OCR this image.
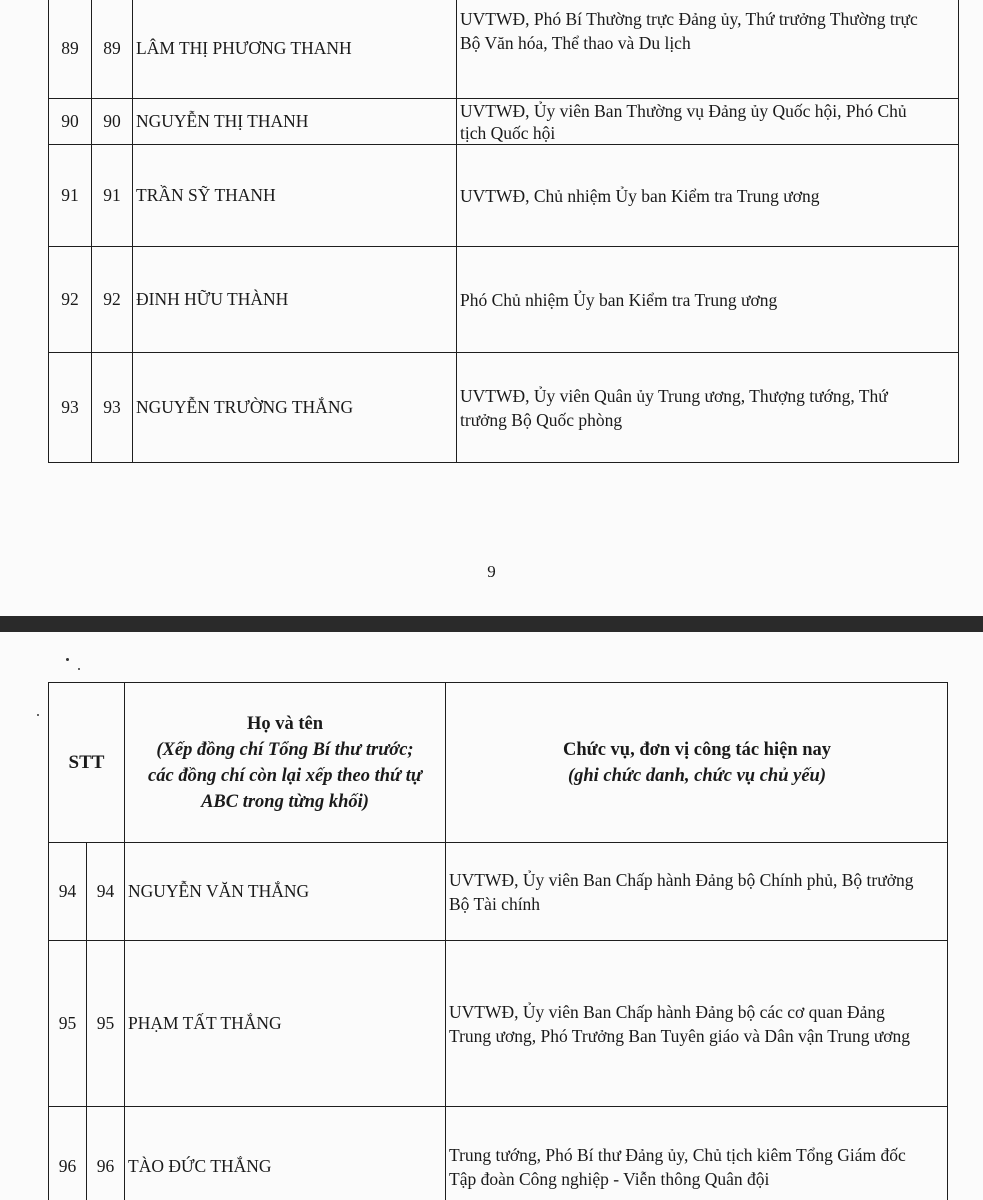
89	89	LÂM THỊ PHƯƠNG THANH	UVTWĐ, Phó Bí Thường trực Đảng ủy, Thứ trưởng Thường trực
Bộ Văn hóa, Thể thao và Du lịch

90	90	NGUYỄN THỊ THANH	UVTWĐ, Ủy viên Ban Thường vụ Đảng ủy Quốc hội, Phó Chủ
tịch Quốc hội

91	91	TRẦN SỸ THANH	UVTWĐ, Chủ nhiệm Ủy ban Kiểm tra Trung ương

92	92	ĐINH HỮU THÀNH	Phó Chủ nhiệm Ủy ban Kiểm tra Trung ương

93	93	NGUYỄN TRƯỜNG THẮNG	UVTWĐ, Ủy viên Quân ủy Trung ương, Thượng tướng, Thứ
trưởng Bộ Quốc phòng
9
STT		Họ và tên
(Xếp đồng chí Tổng Bí thư trước;
các đồng chí còn lại xếp theo thứ tự
ABC trong từng khối)	Chức vụ, đơn vị công tác hiện nay
(ghi chức danh, chức vụ chủ yếu)

94	94	NGUYỄN VĂN THẮNG	UVTWĐ, Ủy viên Ban Chấp hành Đảng bộ Chính phủ, Bộ trưởng
Bộ Tài chính

95	95	PHẠM TẤT THẮNG	UVTWĐ, Ủy viên Ban Chấp hành Đảng bộ các cơ quan Đảng
Trung ương, Phó Trưởng Ban Tuyên giáo và Dân vận Trung ương

96	96	TÀO ĐỨC THẮNG	Trung tướng, Phó Bí thư Đảng ủy, Chủ tịch kiêm Tổng Giám đốc
Tập đoàn Công nghiệp - Viễn thông Quân đội
